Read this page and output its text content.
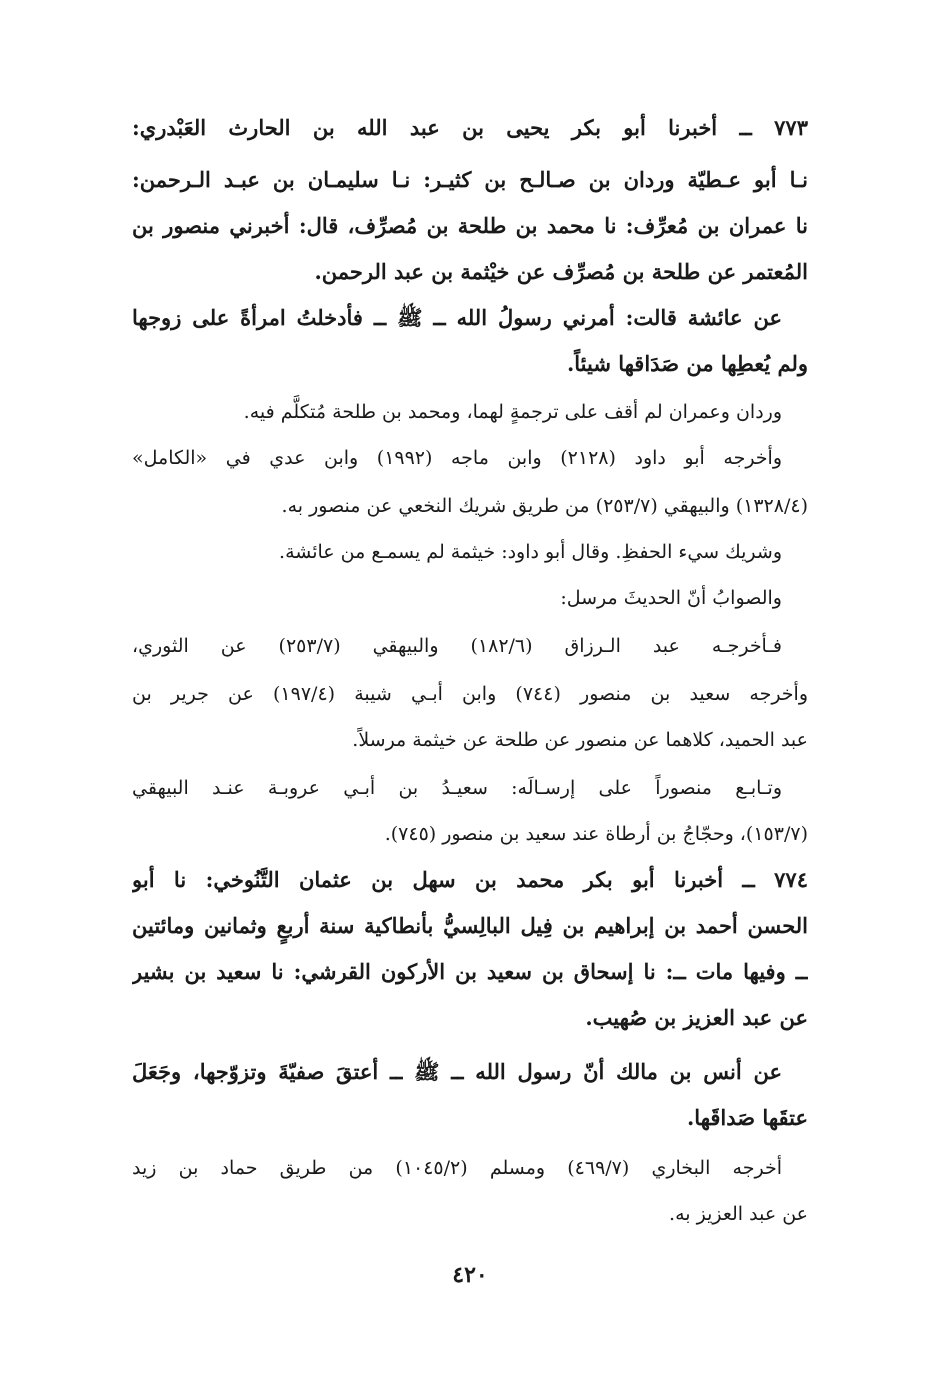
٧٧٣ ــ أخبرنا أبو بكر يحيى بن عبد الله بن الحارث العَبْدري:
نـا أبو عـطيّة وردان بن صـالـح بن كثيـر: نـا سليمـان بن عبـد الـرحمن:
نا عمران بن مُعرِّف: نا محمد بن طلحة بن مُصرِّف، قال: أخبرني منصور بن
المُعتمر عن طلحة بن مُصرِّف عن خيْثمة بن عبد الرحمن.
عن عائشة قالت: أمرني رسولُ الله ــ ﷺ ــ فأدخلتُ امرأةً على زوجها
ولم يُعطِها من صَدَاقها شيئاً.
وردان وعمران لم أقف على ترجمةٍ لهما، ومحمد بن طلحة مُتكلَّم فيه.
وأخرجه أبو داود (٢١٢٨) وابن ماجه (١٩٩٢) وابن عدي في «الكامل»
(١٣٢٨/٤) والبيهقي (٢٥٣/٧) من طريق شريك النخعي عن منصور به.
وشريك سيء الحفظِ. وقال أبو داود: خيثمة لم يسمـع من عائشة.
والصوابُ أنّ الحديثَ مرسل:
فـأخرجـه عبد الـرزاق (١٨٢/٦) والبيهقي (٢٥٣/٧) عن الثوري،
وأخرجه سعيد بن منصور (٧٤٤) وابن أبـي شيبة (١٩٧/٤) عن جرير بن
عبد الحميد، كلاهما عن منصور عن طلحة عن خيثمة مرسلاً.
وتـابـع منصوراً على إرسـالَه: سعيـدُ بن أبـي عروبـة عنـد البيهقي
(١٥٣/٧)، وحجّاجُ بن أرطاة عند سعيد بن منصور (٧٤٥).
٧٧٤ ــ أخبرنا أبو بكر محمد بن سهل بن عثمان التَّنُوخي: نا أبو
الحسن أحمد بن إبراهيم بن فِيل البالِسيُّ بأنطاكية سنة أربعٍ وثمانين ومائتين
ــ وفيها مات ــ: نا إسحاق بن سعيد بن الأركون القرشي: نا سعيد بن بشير
عن عبد العزيز بن صُهيب.
عن أنس بن مالك أنّ رسول الله ــ ﷺ ــ أعتقَ صفيّةَ وتزوّجها، وجَعَلَ
عتقَها صَداقَها.
أخرجه البخاري (٤٦٩/٧) ومسلم (١٠٤٥/٢) من طريق حماد بن زيد
عن عبد العزيز به.
٤٢٠
